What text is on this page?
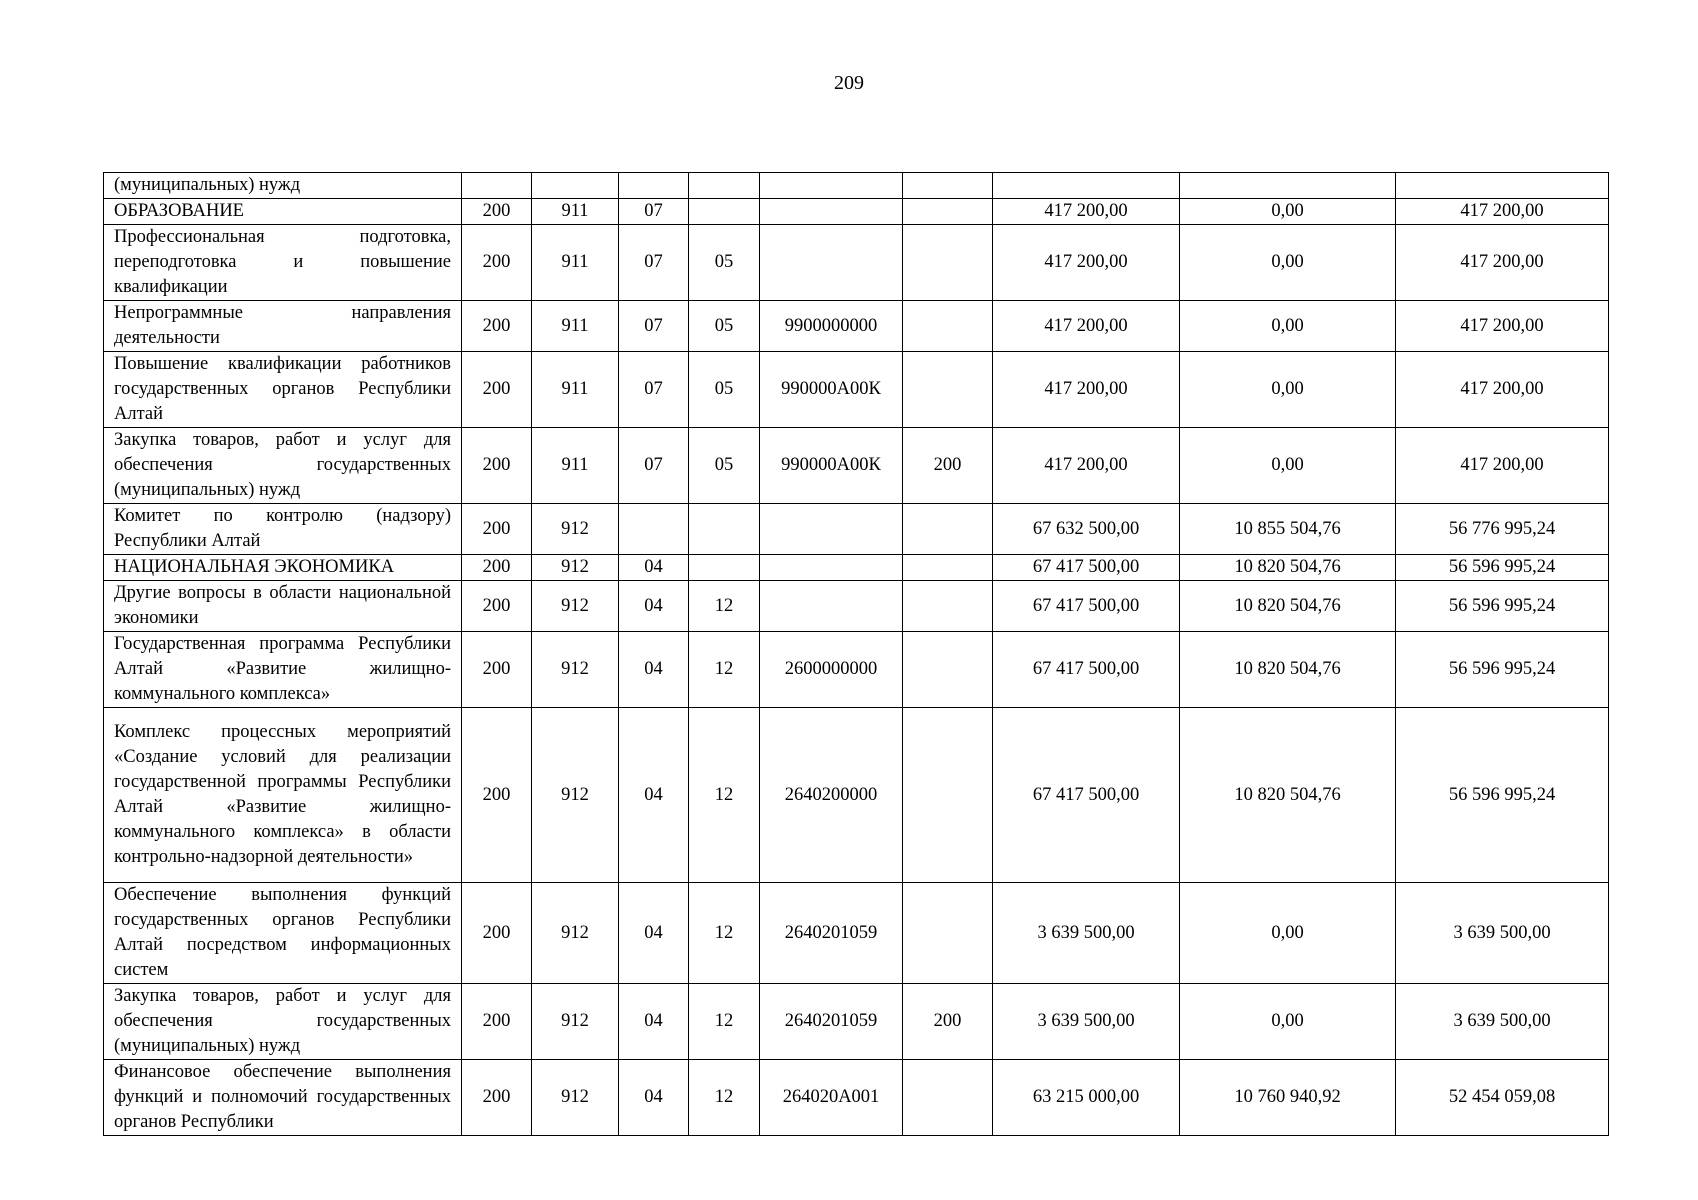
209
(муниципальных) нужд									
ОБРАЗОВАНИЕ	200	911	07				417 200,00	0,00	417 200,00
Профессиональная подготовка, переподготовка и повышение квалификации	200	911	07	05			417 200,00	0,00	417 200,00
Непрограммные направления деятельности	200	911	07	05	9900000000		417 200,00	0,00	417 200,00
Повышение квалификации работников государственных органов Республики Алтай	200	911	07	05	990000А00К		417 200,00	0,00	417 200,00
Закупка товаров, работ и услуг для обеспечения государственных (муниципальных) нужд	200	911	07	05	990000А00К	200	417 200,00	0,00	417 200,00
Комитет по контролю (надзору) Республики Алтай	200	912					67 632 500,00	10 855 504,76	56 776 995,24
НАЦИОНАЛЬНАЯ ЭКОНОМИКА	200	912	04				67 417 500,00	10 820 504,76	56 596 995,24
Другие вопросы в области национальной экономики	200	912	04	12			67 417 500,00	10 820 504,76	56 596 995,24
Государственная программа Республики Алтай «Развитие жилищно-коммунального комплекса»	200	912	04	12	2600000000		67 417 500,00	10 820 504,76	56 596 995,24
Комплекс процессных мероприятий «Создание условий для реализации государственной программы Республики Алтай «Развитие жилищно-коммунального комплекса» в области контрольно-надзорной деятельности»	200	912	04	12	2640200000		67 417 500,00	10 820 504,76	56 596 995,24
Обеспечение выполнения функций государственных органов Республики Алтай посредством информационных систем	200	912	04	12	2640201059		3 639 500,00	0,00	3 639 500,00
Закупка товаров, работ и услуг для обеспечения государственных (муниципальных) нужд	200	912	04	12	2640201059	200	3 639 500,00	0,00	3 639 500,00
Финансовое обеспечение выполнения функций и полномочий государственных органов Республики	200	912	04	12	264020А001		63 215 000,00	10 760 940,92	52 454 059,08
